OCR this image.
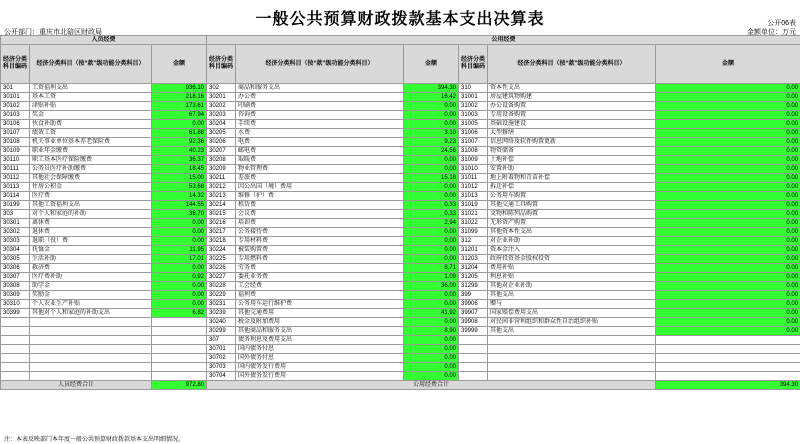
一般公共预算财政拨款基本支出决算表	公开06表
公开部门：重庆市北碚区财政局	金额单位：万元
人员经费			公用经费					
经济分类科目编码	经济分类科目（按“款”级功能分类科目）	金额	经济分类科目编码	经济分类科目（按“款”级功能分类科目）	金额	经济分类科目编码	经济分类科目（按“款”级功能分类科目）	金额
301	工资福利支出	936.10	302	商品和服务支出	394.30	310	资本性支出	0.00
30101	基本工资	218.16	30201	办公费	16.42	31001	房屋建筑物购建	0.00
30102	津贴补贴	173.61	30202	印刷费	0.00	31002	办公设备购置	0.00
30103	奖金	67.94	30203	咨询费	0.00	31003	专用设备购置	0.00
30106	伙食补助费	0.00	30204	手续费	0.00	31005	基础设施建设	0.00
30107	绩效工资	61.88	30205	水费	3.10	31006	大型修缮	0.00
30108	机关事业单位基本养老保险费	92.36	30206	电费	9.23	31007	信息网络及软件购置更新	0.00
30109	职业年金缴费	40.23	30207	邮电费	24.56	31008	物资储备	0.00
30110	职工基本医疗保险缴费	36.37	30208	取暖费	0.00	31009	土地补偿	0.00
30111	公务员医疗补助缴费	18.45	30209	物业管理费	0.00	31010	安置补助	0.00
30112	其他社会保障缴费	15.00	30211	差旅费	15.18	31011	地上附着物和青苗补偿	0.00
30113	住房公积金	53.68	30212	因公出国（境）费用	0.00	31012	拆迁补偿	0.00
30114	医疗费	14.32	30213	维修（护）费	0.00	31013	公务用车购置	0.00
30199	其他工资福利支出	144.55	30214	租赁费	0.33	31019	其他交通工具购置	0.00
303	对个人和家庭的补助	36.70	30215	会议费	0.33	31021	文物和陈列品购置	0.00
30301	离休费	0.00	30216	培训费	2.94	31022	无形资产购置	0.00
30302	退休费	0.00	30217	公务接待费	0.00	31099	其他资本性支出	0.00
30303	退职（役）费	0.00	30218	专用材料费	0.00	312	对企业补助	0.00
30304	抚恤金	11.95	30224	被装购置费	0.00	31201	资本金注入	0.00
30305	生活补助	17.01	30225	专用燃料费	0.00	31203	政府投资基金股权投资	0.00
30306	救济费	0.00	30226	劳务费	8.71	31204	费用补贴	0.00
30307	医疗费补助	0.92	30227	委托业务费	1.09	31205	利息补贴	0.00
30308	助学金	0.00	30228	工会经费	36.00	31299	其他对企业补助	0.00
30309	奖励金	0.00	30229	福利费	0.00	399	其他支出	0.00
30310	个人农业生产补贴	0.00	30231	公务用车运行维护费	0.00	39906	赠与	0.00
30399	其他对个人和家庭的补助支出	6.82	30239	其他交通费用	41.92	39907	国家赔偿费用支出	0.00
			30240	税金及附加费用	0.00	39908	对民间非营利组织和群众性自治组织补贴	0.00
			30299	其他商品和服务支出	8.90	39999	其他支出	0.00
			307	债务利息及费用支出	0.00			
			30701	国内债务付息	0.00			
			30702	国外债务付息	0.00			
			30703	国内债务发行费用	0.00			
			30704	国外债务发行费用	0.00			
人员经费合计		972.80	公用经费合计					394.30
注：本表反映部门本年度一般公共预算财政拨款基本支出明细情况。
